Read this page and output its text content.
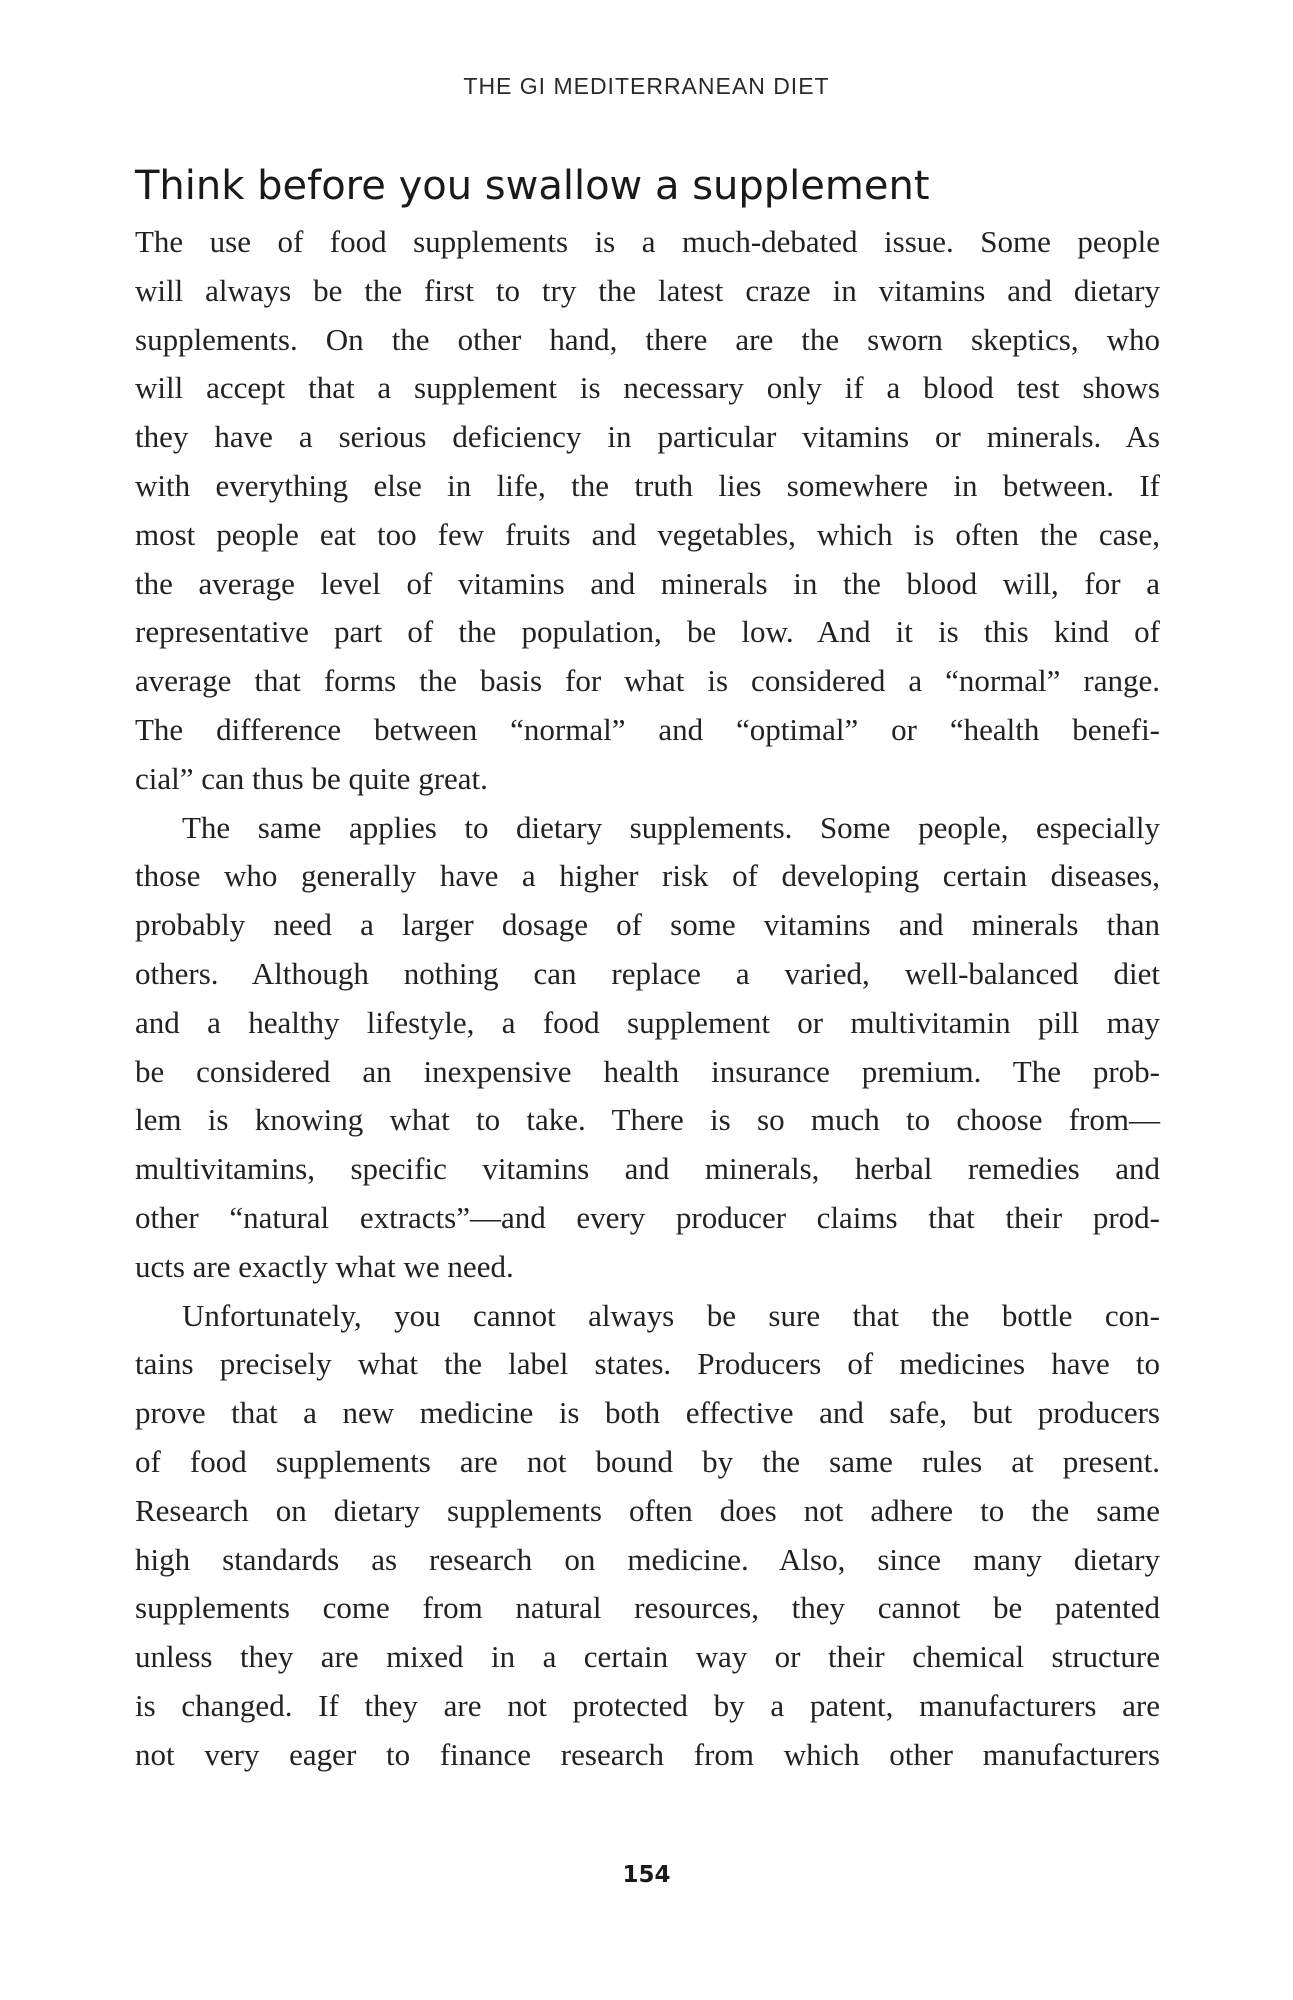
THE GI MEDITERRANEAN DIET
Think before you swallow a supplement
The use of food supplements is a much-debated issue. Some people
will always be the first to try the latest craze in vitamins and dietary
supplements. On the other hand, there are the sworn skeptics, who
will accept that a supplement is necessary only if a blood test shows
they have a serious deficiency in particular vitamins or minerals. As
with everything else in life, the truth lies somewhere in between. If
most people eat too few fruits and vegetables, which is often the case,
the average level of vitamins and minerals in the blood will, for a
representative part of the population, be low. And it is this kind of
average that forms the basis for what is considered a “normal” range.
The difference between “normal” and “optimal” or “health benefi-
cial” can thus be quite great.
The same applies to dietary supplements. Some people, especially
those who generally have a higher risk of developing certain diseases,
probably need a larger dosage of some vitamins and minerals than
others. Although nothing can replace a varied, well-balanced diet
and a healthy lifestyle, a food supplement or multivitamin pill may
be considered an inexpensive health insurance premium. The prob-
lem is knowing what to take. There is so much to choose from—
multivitamins, specific vitamins and minerals, herbal remedies and
other “natural extracts”—and every producer claims that their prod-
ucts are exactly what we need.
Unfortunately, you cannot always be sure that the bottle con-
tains precisely what the label states. Producers of medicines have to
prove that a new medicine is both effective and safe, but producers
of food supplements are not bound by the same rules at present.
Research on dietary supplements often does not adhere to the same
high standards as research on medicine. Also, since many dietary
supplements come from natural resources, they cannot be patented
unless they are mixed in a certain way or their chemical structure
is changed. If they are not protected by a patent, manufacturers are
not very eager to finance research from which other manufacturers
154
